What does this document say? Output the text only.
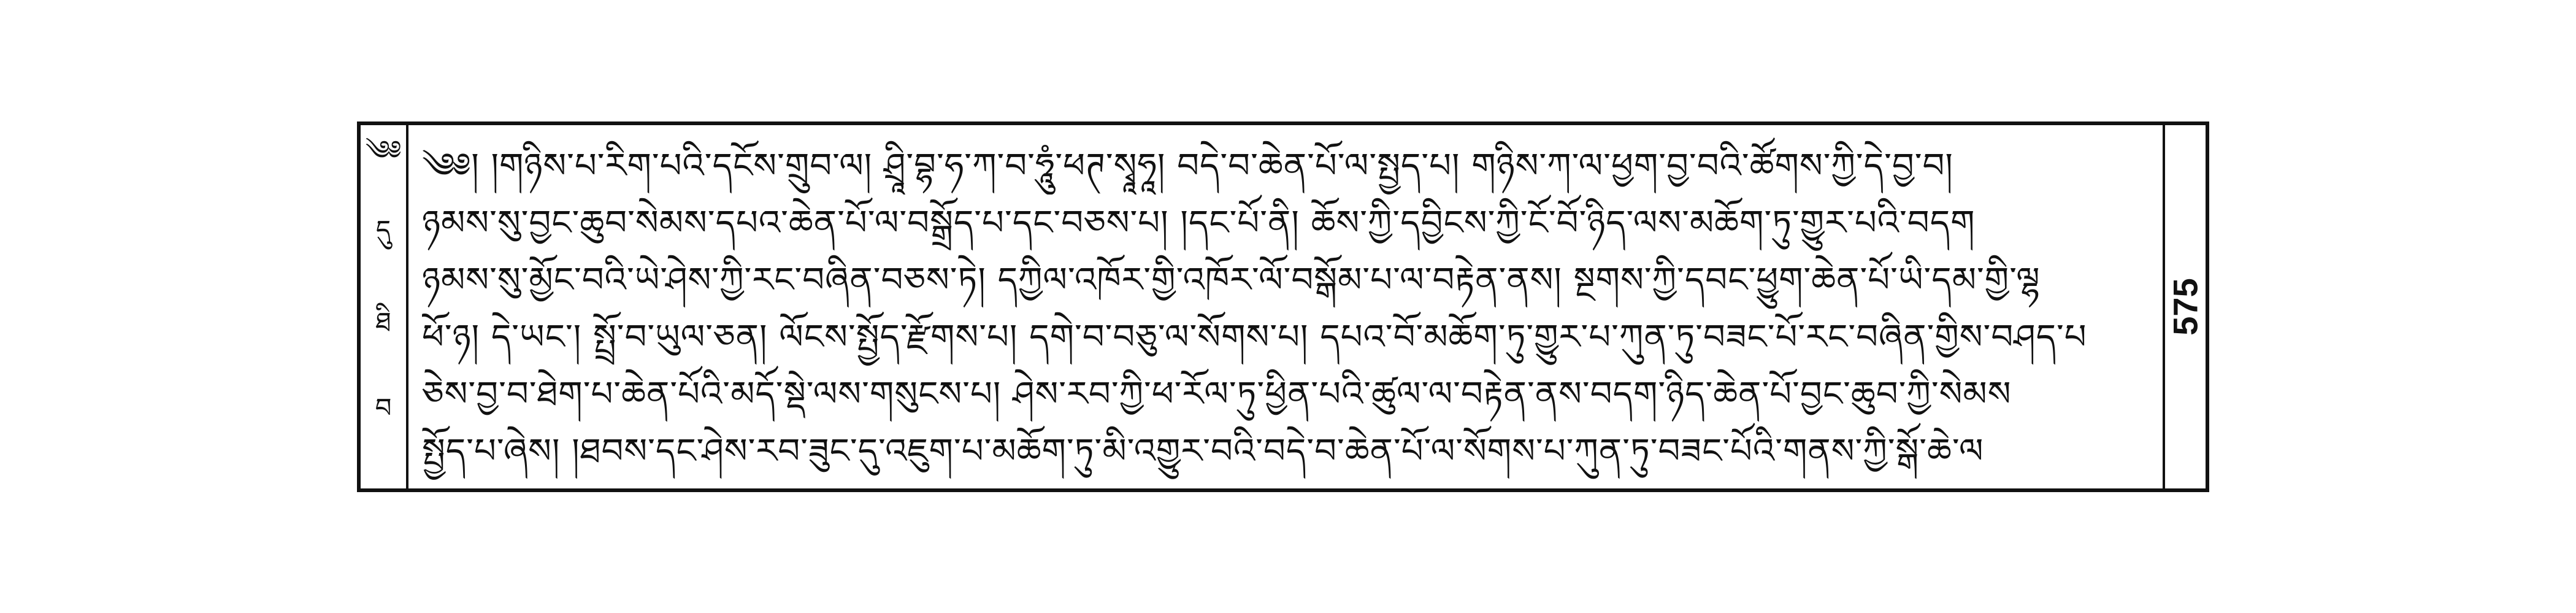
༄༅
དུ
ཐི
བ
༄༅། །གཉིས་པ་རིག་པའི་དངོས་གྲུབ་ལ། ཤྲཱི་བྷ་ཧ་ཀ་བ་ཧཱུཾ་ཕཊ་སྭཱཧཱ། བདེ་བ་ཆེན་པོ་ལ་སྤྱད་པ། གཉིས་ཀ་ལ་ཕྱག་བྱ་བའི་ཚོགས་ཀྱི་དེ་བྱ་བ།
ཉམས་སུ་བྱང་ཆུབ་སེམས་དཔའ་ཆེན་པོ་ལ་བསྒྲོད་པ་དང་བཅས་པ། །དང་པོ་ནི། ཆོས་ཀྱི་དབྱིངས་ཀྱི་ངོ་བོ་ཉིད་ལས་མཆོག་ཏུ་གྱུར་པའི་བདག
ཉམས་སུ་མྱོང་བའི་ཡེ་ཤེས་ཀྱི་རང་བཞིན་བཅས་ཏེ། དཀྱིལ་འཁོར་གྱི་འཁོར་ལོ་བསྒོམ་པ་ལ་བརྟེན་ནས། སྔགས་ཀྱི་དབང་ཕྱུག་ཆེན་པོ་ཡི་དམ་གྱི་ལྷ
ཕོ་ཉ། དེ་ཡང་། སྤྲོ་བ་ཡུལ་ཅན། ལོངས་སྤྱོད་རྫོགས་པ། དགེ་བ་བཅུ་ལ་སོགས་པ། དཔའ་བོ་མཆོག་ཏུ་གྱུར་པ་ཀུན་ཏུ་བཟང་པོ་རང་བཞིན་གྱིས་བཤད་པ
ཅེས་བྱ་བ་ཐེག་པ་ཆེན་པོའི་མདོ་སྡེ་ལས་གསུངས་པ། ཤེས་རབ་ཀྱི་ཕ་རོལ་ཏུ་ཕྱིན་པའི་ཚུལ་ལ་བརྟེན་ནས་བདག་ཉིད་ཆེན་པོ་བྱང་ཆུབ་ཀྱི་སེམས
སྤྱོད་པ་ཞེས། །ཐབས་དང་ཤེས་རབ་ཟུང་དུ་འཇུག་པ་མཆོག་ཏུ་མི་འགྱུར་བའི་བདེ་བ་ཆེན་པོ་ལ་སོགས་པ་ཀུན་ཏུ་བཟང་པོའི་གནས་ཀྱི་སྒོ་ཆེ་ལ
575
